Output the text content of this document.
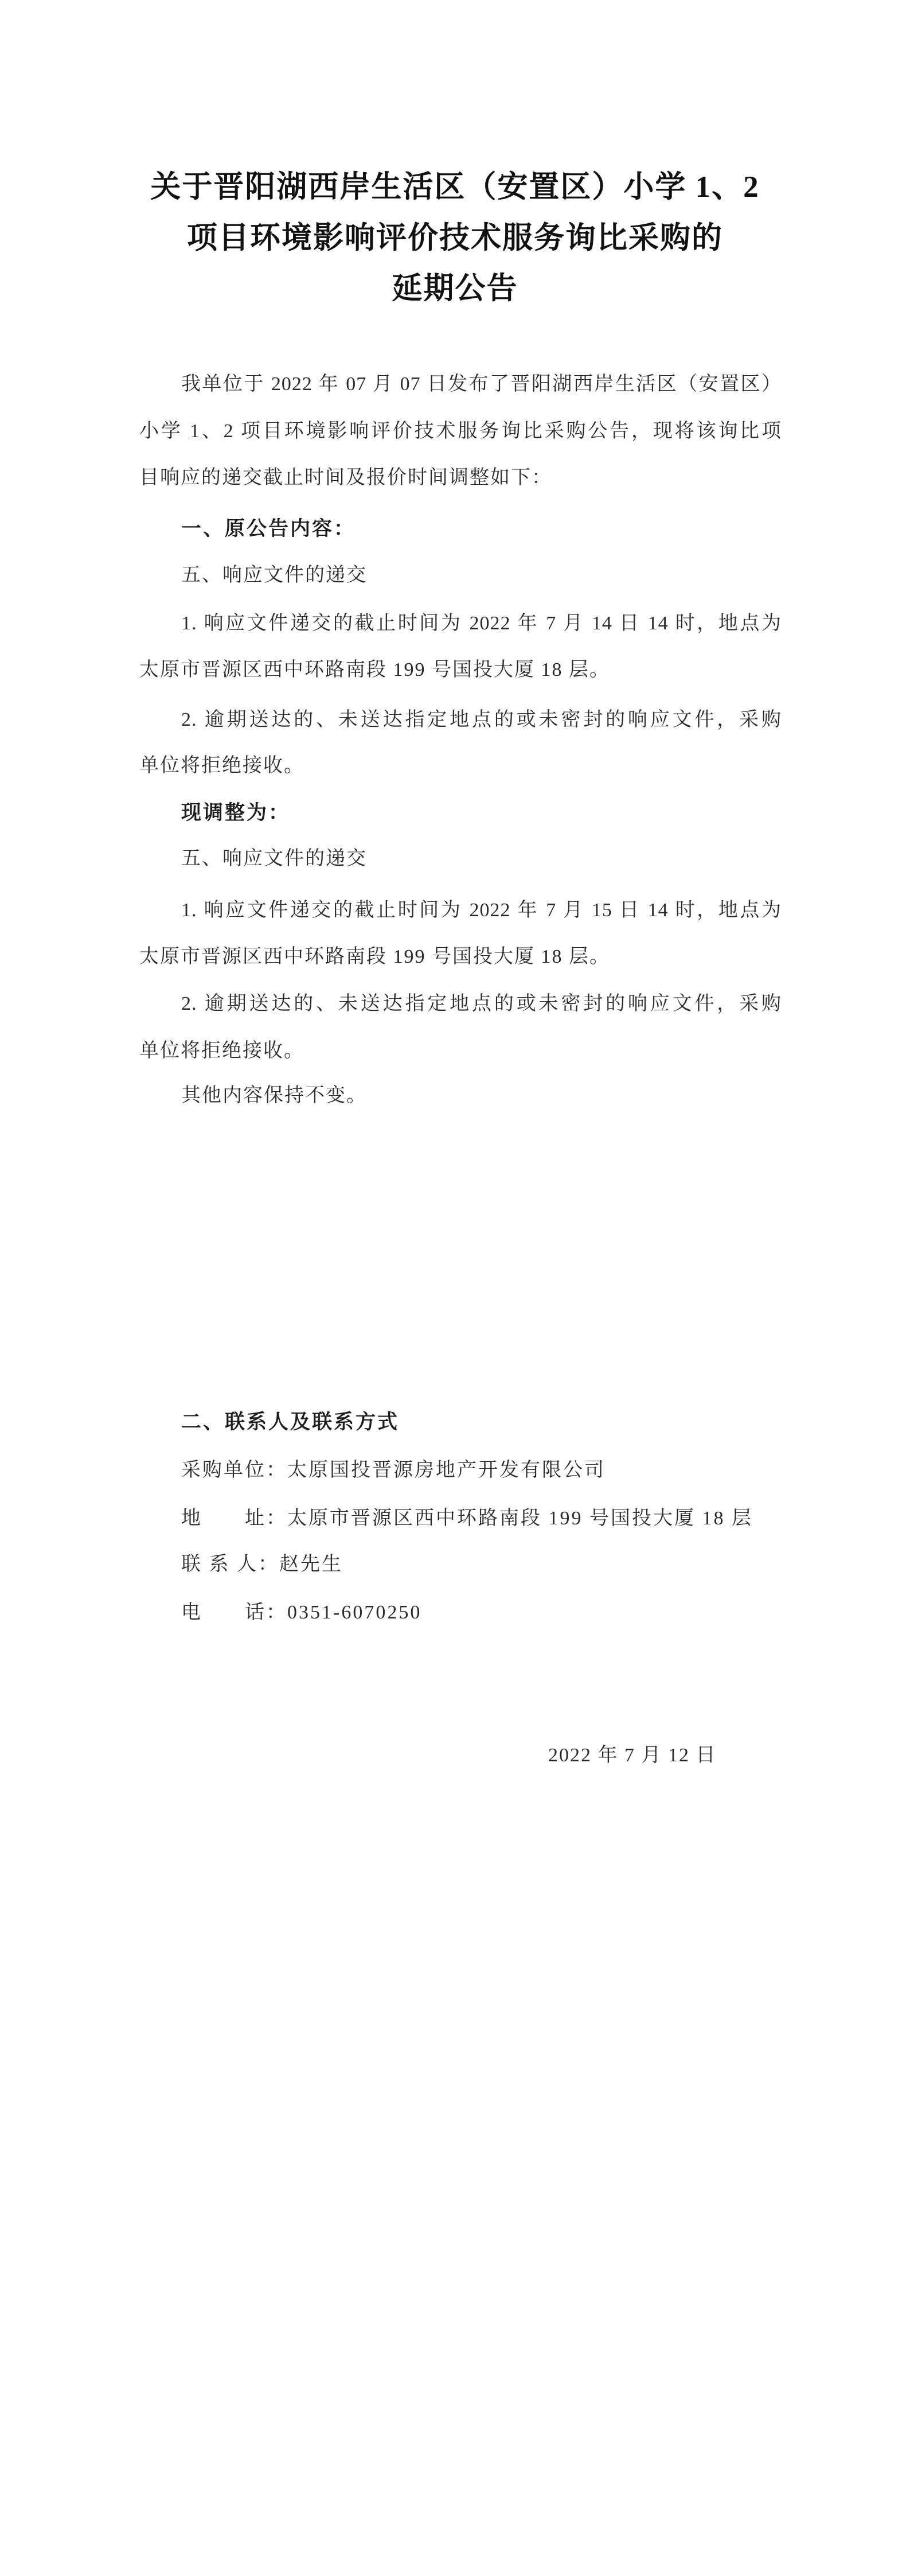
关于晋阳湖西岸生活区（安置区）小学 1、2
项目环境影响评价技术服务询比采购的
延期公告
我单位于 2022 年 07 月 07 日发布了晋阳湖西岸生活区（安置区）
小学 1、2 项目环境影响评价技术服务询比采购公告，现将该询比项
目响应的递交截止时间及报价时间调整如下：
一、原公告内容：
五、响应文件的递交
1. 响应文件递交的截止时间为 2022 年 7 月 14 日 14 时，地点为
太原市晋源区西中环路南段 199 号国投大厦 18 层。
2. 逾期送达的、未送达指定地点的或未密封的响应文件，采购
单位将拒绝接收。
现调整为：
五、响应文件的递交
1. 响应文件递交的截止时间为 2022 年 7 月 15 日 14 时，地点为
太原市晋源区西中环路南段 199 号国投大厦 18 层。
2. 逾期送达的、未送达指定地点的或未密封的响应文件，采购
单位将拒绝接收。
其他内容保持不变。
二、联系人及联系方式
采购单位：太原国投晋源房地产开发有限公司
地　　址：太原市晋源区西中环路南段 199 号国投大厦 18 层
联 系 人：赵先生
电　　话：0351-6070250
2022 年 7 月 12 日
